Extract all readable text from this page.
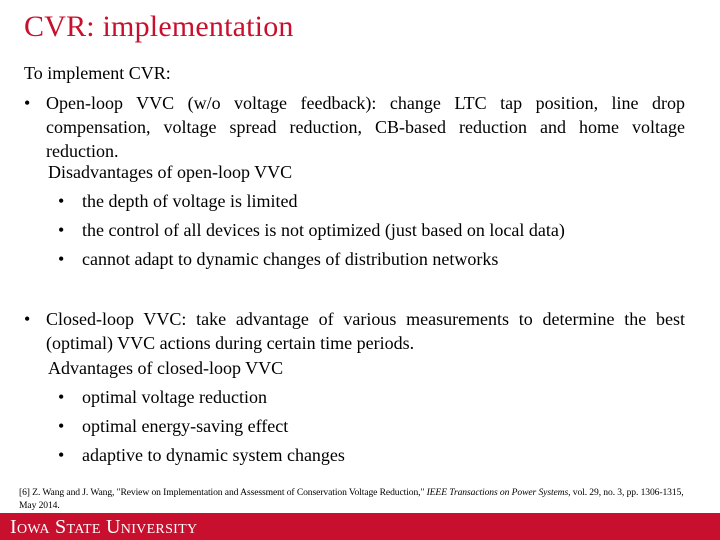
CVR: implementation
To implement CVR:
• Open-loop VVC (w/o voltage feedback): change LTC tap position, line drop compensation, voltage spread reduction, CB-based reduction and home voltage reduction.
Disadvantages of open-loop VVC
• the depth of voltage is limited
• the control of all devices is not optimized (just based on local data)
• cannot adapt to dynamic changes of distribution networks
• Closed-loop VVC: take advantage of various measurements to determine the best (optimal) VVC actions during certain time periods.
Advantages of closed-loop VVC
• optimal voltage reduction
• optimal energy-saving effect
• adaptive to dynamic system changes
[6] Z. Wang and J. Wang, "Review on Implementation and Assessment of Conservation Voltage Reduction," IEEE Transactions on Power Systems, vol. 29, no. 3, pp. 1306-1315, May 2014.
Iowa State University
